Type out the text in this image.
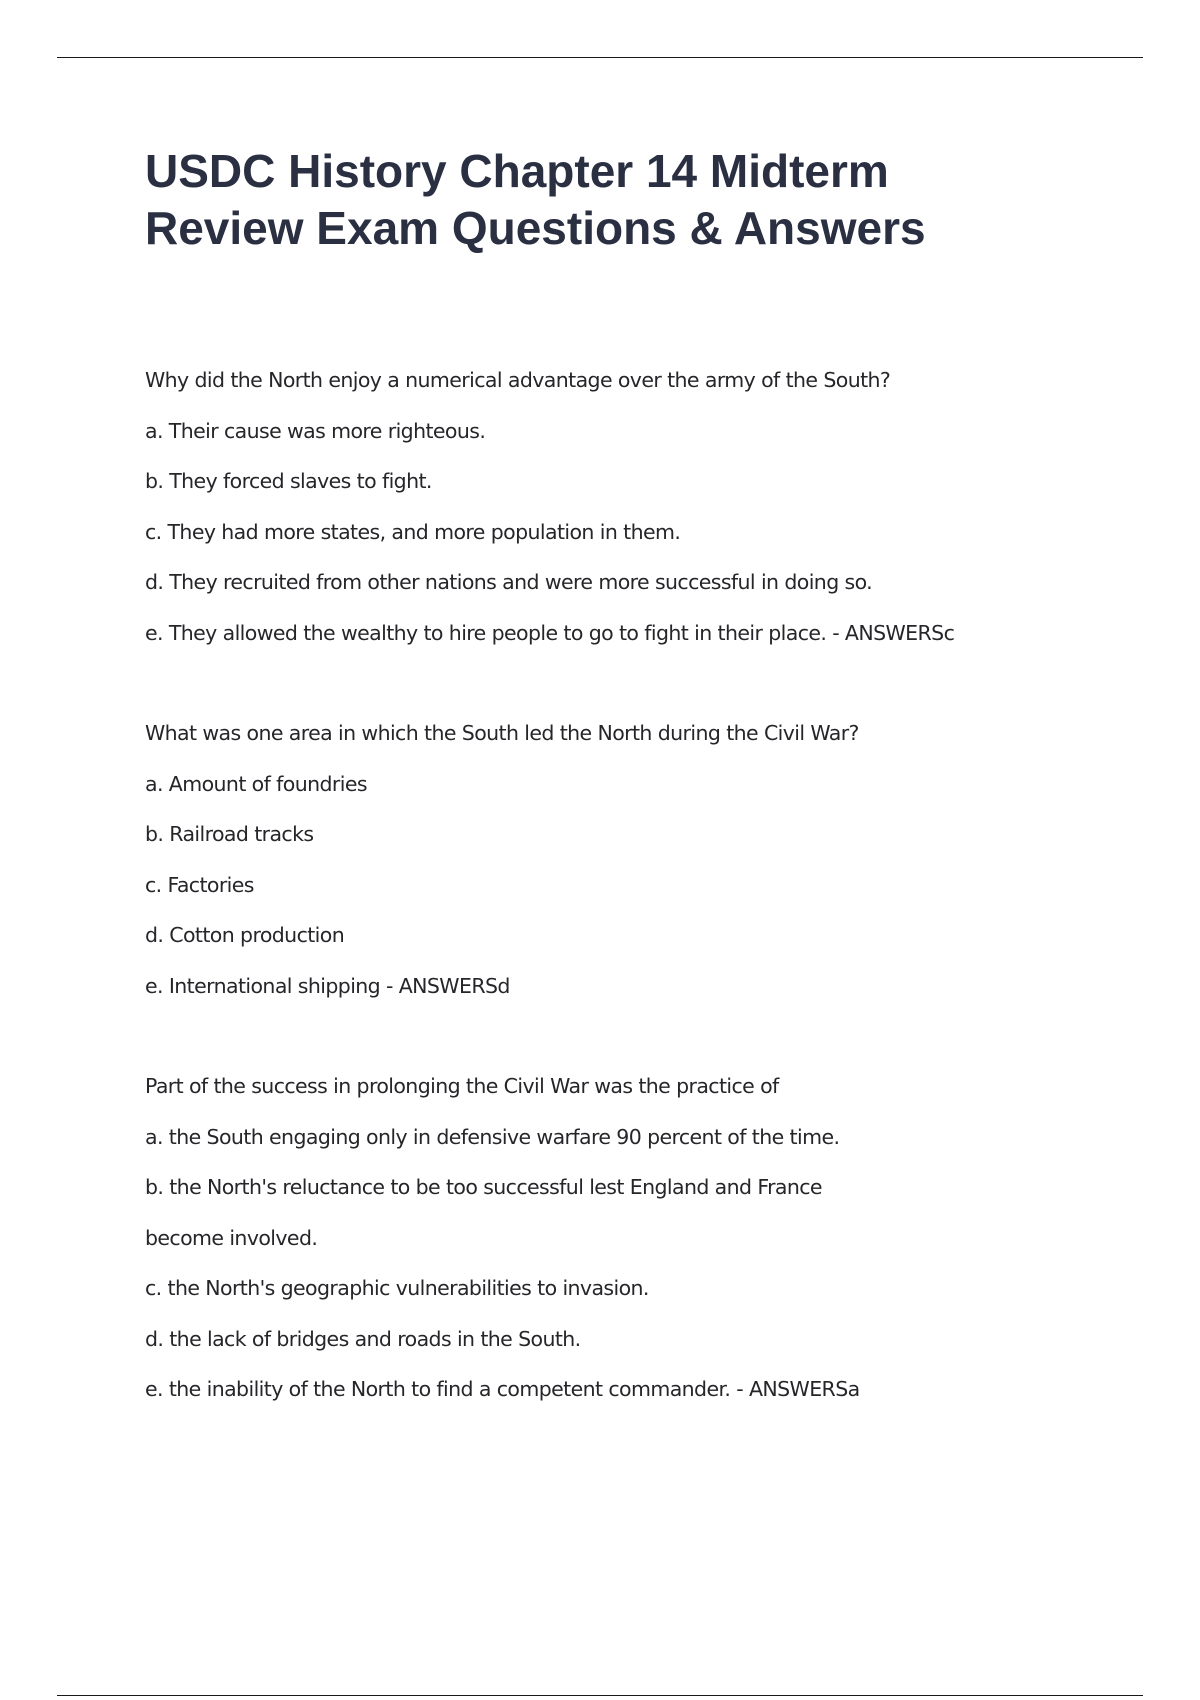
USDC History Chapter 14 Midterm Review Exam Questions & Answers
Why did the North enjoy a numerical advantage over the army of the South?
a. Their cause was more righteous.
b. They forced slaves to fight.
c. They had more states, and more population in them.
d. They recruited from other nations and were more successful in doing so.
e. They allowed the wealthy to hire people to go to fight in their place. - ANSWERSc
What was one area in which the South led the North during the Civil War?
a. Amount of foundries
b. Railroad tracks
c. Factories
d. Cotton production
e. International shipping - ANSWERSd
Part of the success in prolonging the Civil War was the practice of
a. the South engaging only in defensive warfare 90 percent of the time.
b. the North's reluctance to be too successful lest England and France
become involved.
c. the North's geographic vulnerabilities to invasion.
d. the lack of bridges and roads in the South.
e. the inability of the North to find a competent commander. - ANSWERSa
